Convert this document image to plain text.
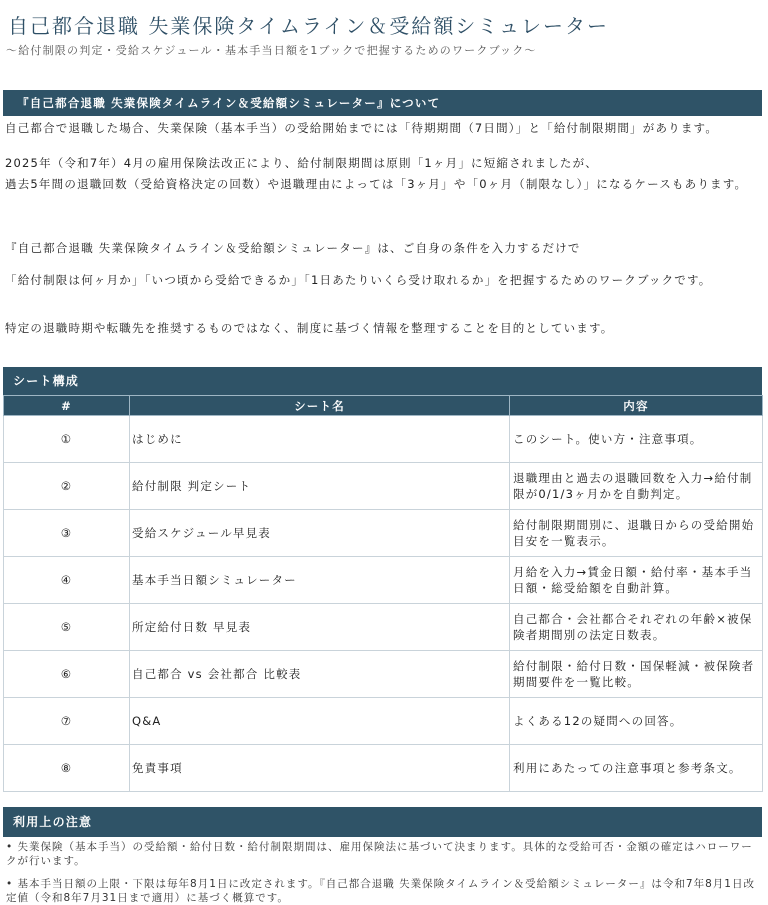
自己都合退職 失業保険タイムライン＆受給額シミュレーター
〜給付制限の判定・受給スケジュール・基本手当日額を1ブックで把握するためのワークブック〜
『自己都合退職 失業保険タイムライン＆受給額シミュレーター』について
自己都合で退職した場合、失業保険（基本手当）の受給開始までには「待期期間（7日間）」と「給付制限期間」があります。
2025年（令和7年）4月の雇用保険法改正により、給付制限期間は原則「1ヶ月」に短縮されましたが、
過去5年間の退職回数（受給資格決定の回数）や退職理由によっては「3ヶ月」や「0ヶ月（制限なし）」になるケースもあります。
『自己都合退職 失業保険タイムライン＆受給額シミュレーター』は、ご自身の条件を入力するだけで
「給付制限は何ヶ月か」「いつ頃から受給できるか」「1日あたりいくら受け取れるか」を把握するためのワークブックです。
特定の退職時期や転職先を推奨するものではなく、制度に基づく情報を整理することを目的としています。
シート構成
#	シート名	内容
①	はじめに	このシート。使い方・注意事項。
②	給付制限 判定シート	退職理由と過去の退職回数を入力→給付制限が0/1/3ヶ月かを自動判定。
③	受給スケジュール早見表	給付制限期間別に、退職日からの受給開始目安を一覧表示。
④	基本手当日額シミュレーター	月給を入力→賃金日額・給付率・基本手当日額・総受給額を自動計算。
⑤	所定給付日数 早見表	自己都合・会社都合それぞれの年齢×被保険者期間別の法定日数表。
⑥	自己都合 vs 会社都合 比較表	給付制限・給付日数・国保軽減・被保険者期間要件を一覧比較。
⑦	Q&A	よくある12の疑問への回答。
⑧	免責事項	利用にあたっての注意事項と参考条文。
利用上の注意
• 失業保険（基本手当）の受給額・給付日数・給付制限期間は、雇用保険法に基づいて決まります。具体的な受給可否・金額の確定はハローワークが行います。
• 基本手当日額の上限・下限は毎年8月1日に改定されます。『自己都合退職 失業保険タイムライン＆受給額シミュレーター』は令和7年8月1日改定値（令和8年7月31日まで適用）に基づく概算です。
